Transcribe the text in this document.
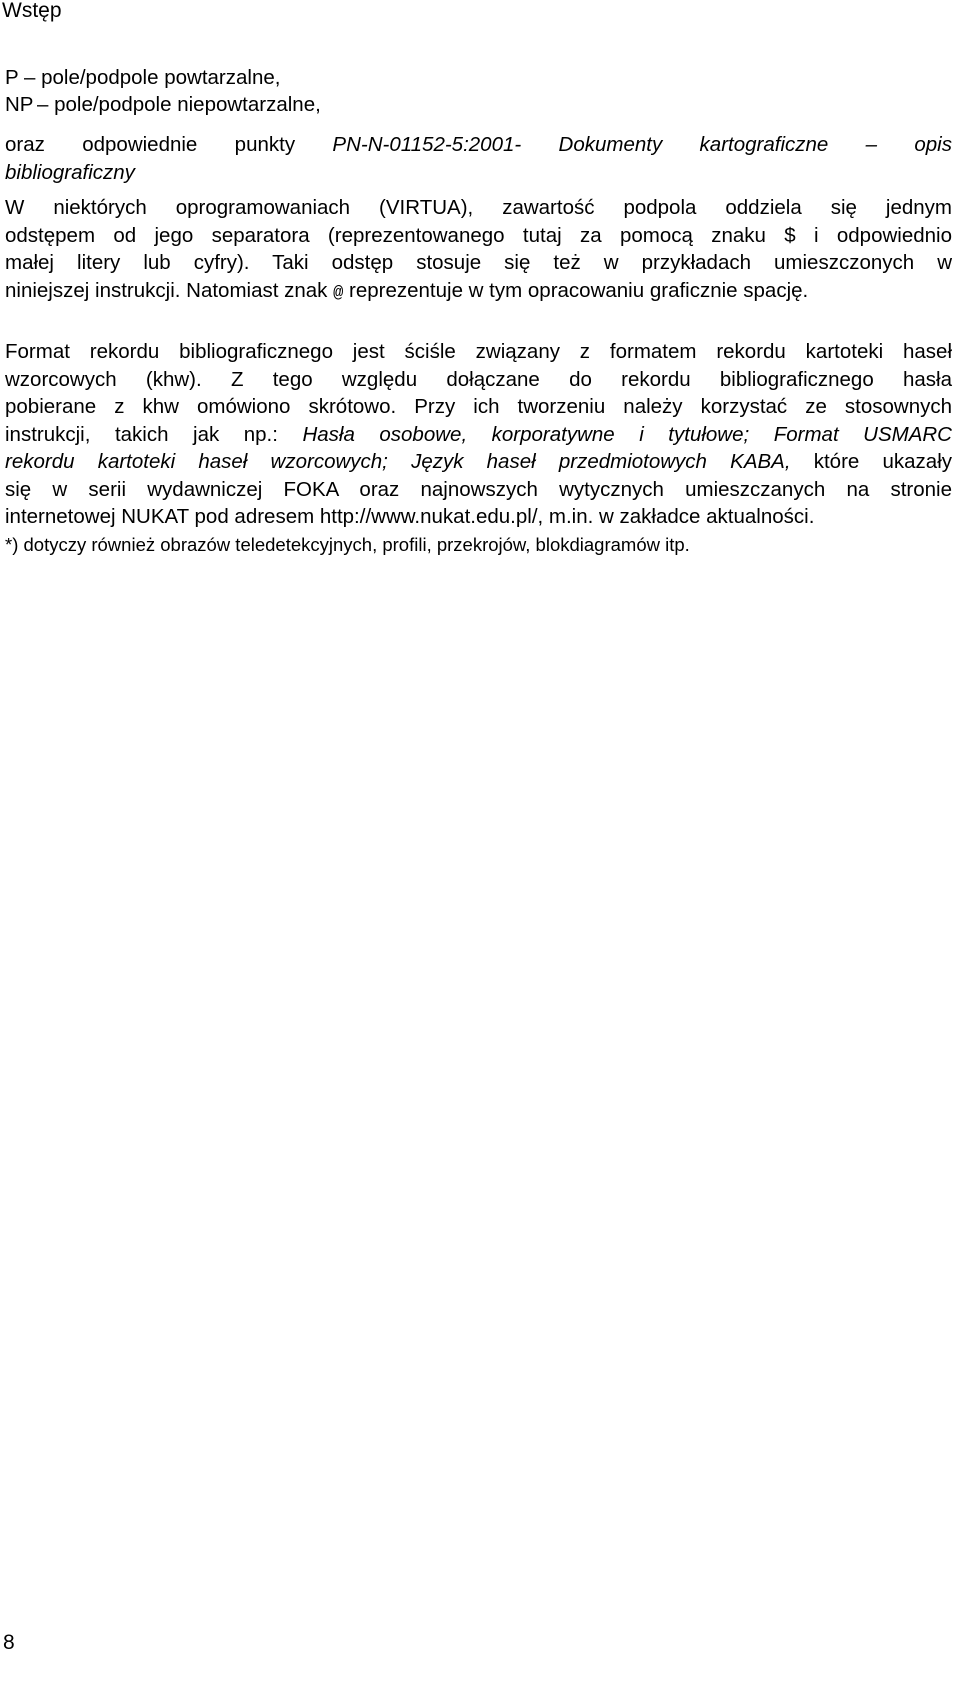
Wstęp
P – pole/podpole powtarzalne,
NP – pole/podpole niepowtarzalne,
oraz odpowiednie punkty PN-N-01152-5:2001- Dokumenty kartograficzne – opis
bibliograficzny
W niektórych oprogramowaniach (VIRTUA), zawartość podpola oddziela się jednym
odstępem od jego separatora (reprezentowanego tutaj za pomocą znaku $ i odpowiednio
małej litery lub cyfry). Taki odstęp stosuje się też w przykładach umieszczonych w
niniejszej instrukcji. Natomiast znak @ reprezentuje w tym opracowaniu graficznie spację.
Format rekordu bibliograficznego jest ściśle związany z formatem rekordu kartoteki haseł
wzorcowych (khw). Z tego względu dołączane do rekordu bibliograficznego hasła
pobierane z khw omówiono skrótowo. Przy ich tworzeniu należy korzystać ze stosownych
instrukcji, takich jak np.: Hasła osobowe, korporatywne i tytułowe; Format USMARC
rekordu kartoteki haseł wzorcowych; Język haseł przedmiotowych KABA, które ukazały
się w serii wydawniczej FOKA oraz najnowszych wytycznych umieszczanych na stronie
internetowej NUKAT pod adresem http://www.nukat.edu.pl/, m.in. w zakładce aktualności.
*) dotyczy również obrazów teledetekcyjnych, profili, przekrojów, blokdiagramów itp.
8
